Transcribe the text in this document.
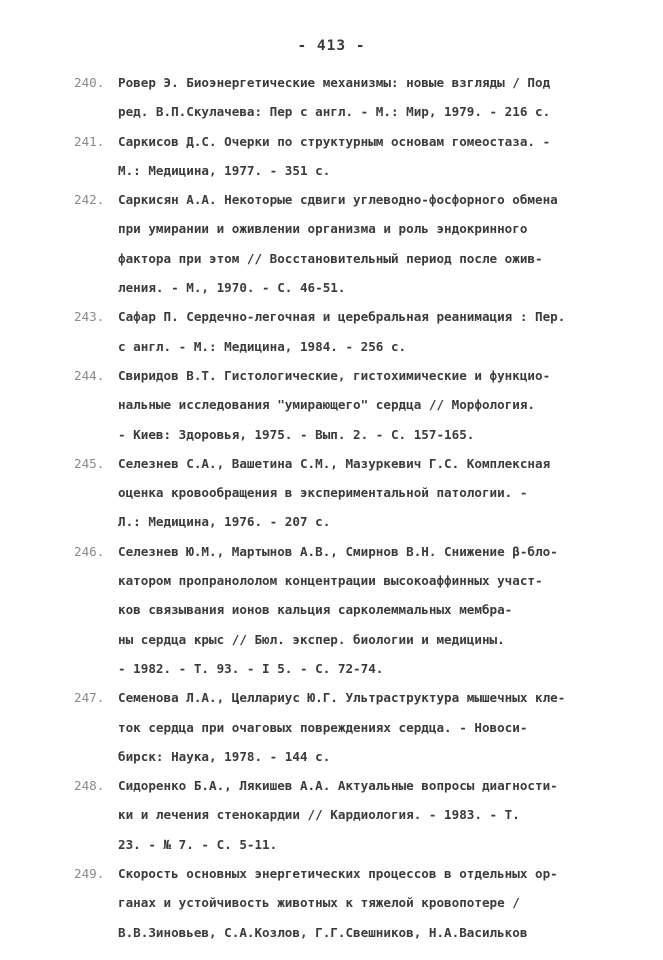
- 413 -
240. Ровер Э. Биоэнергетические механизмы: новые взгляды / Под
ред. В.П.Скулачева: Пер с англ. - М.: Мир, 1979. - 216 с.
241. Саркисов Д.С. Очерки по структурным основам гомеостаза. -
М.: Медицина, 1977. - 351 с.
242. Саркисян А.А. Некоторые сдвиги углеводно-фосфорного обмена
при умирании и оживлении организма и роль эндокринного
фактора при этом // Восстановительный период после ожив-
ления. - М., 1970. - С. 46-51.
243. Сафар П. Сердечно-легочная и церебральная реанимация : Пер.
с англ. - М.: Медицина, 1984. - 256 с.
244. Свиридов В.Т. Гистологические, гистохимические и функцио-
нальные исследования "умирающего" сердца // Морфология.
- Киев: Здоровья, 1975. - Вып. 2. - С. 157-165.
245. Селезнев С.А., Вашетина С.М., Мазуркевич Г.С. Комплексная
оценка кровообращения в экспериментальной патологии. -
Л.: Медицина, 1976. - 207 с.
246. Селезнев Ю.М., Мартынов А.В., Смирнов В.Н. Снижение β-бло-
катором пропранололом концентрации высокоаффинных участ-
ков связывания ионов кальция сарколеммальных мембра-
ны сердца крыс // Бюл. экспер. биологии и медицины.
- 1982. - Т. 93. - I 5. - С. 72-74.
247. Семенова Л.А., Целлариус Ю.Г. Ультраструктура мышечных кле-
ток сердца при очаговых повреждениях сердца. - Новоси-
бирск: Наука, 1978. - 144 с.
248. Сидоренко Б.А., Лякишев А.А. Актуальные вопросы диагности-
ки и лечения стенокардии // Кардиология. - 1983. - Т.
23. - № 7. - С. 5-11.
249. Скорость основных энергетических процессов в отдельных ор-
ганах и устойчивость животных к тяжелой кровопотере /
В.В.Зиновьев, С.А.Козлов, Г.Г.Свешников, Н.А.Васильков
